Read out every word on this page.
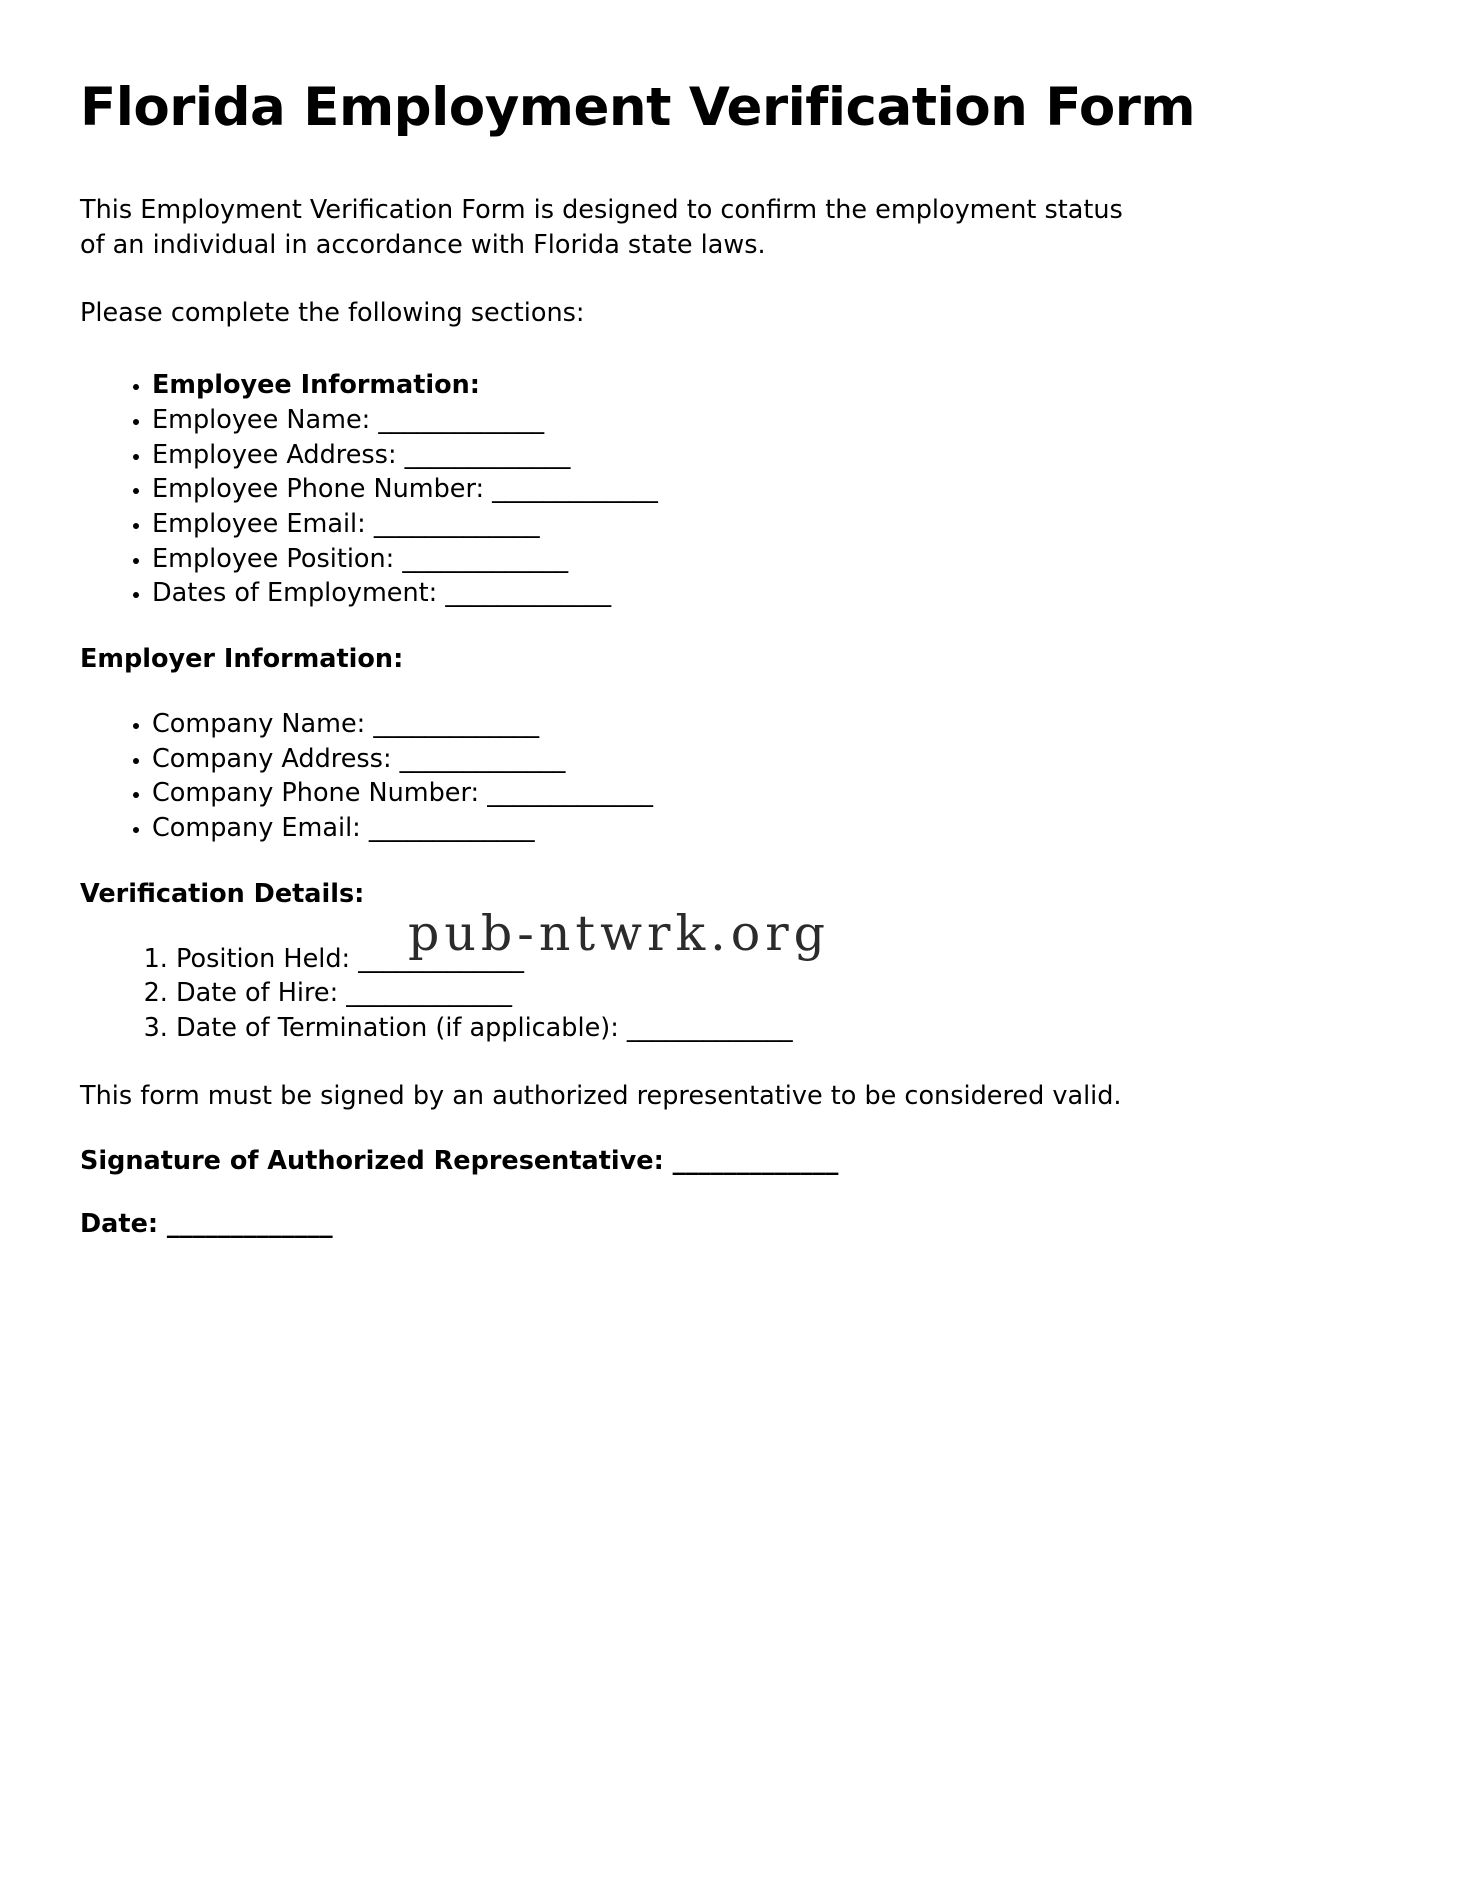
Florida Employment Verification Form

This Employment Verification Form is designed to confirm the employment status of an individual in accordance with Florida state laws.

Please complete the following sections:

• Employee Information:
• Employee Name: _____________
• Employee Address: _____________
• Employee Phone Number: _____________
• Employee Email: _____________
• Employee Position: _____________
• Dates of Employment: _____________

Employer Information:

• Company Name: _____________
• Company Address: _____________
• Company Phone Number: _____________
• Company Email: _____________

Verification Details:

1. Position Held: _____________
2. Date of Hire: _____________
3. Date of Termination (if applicable): _____________

This form must be signed by an authorized representative to be considered valid.

Signature of Authorized Representative: _____________

Date: _____________

pub-ntwrk.org
